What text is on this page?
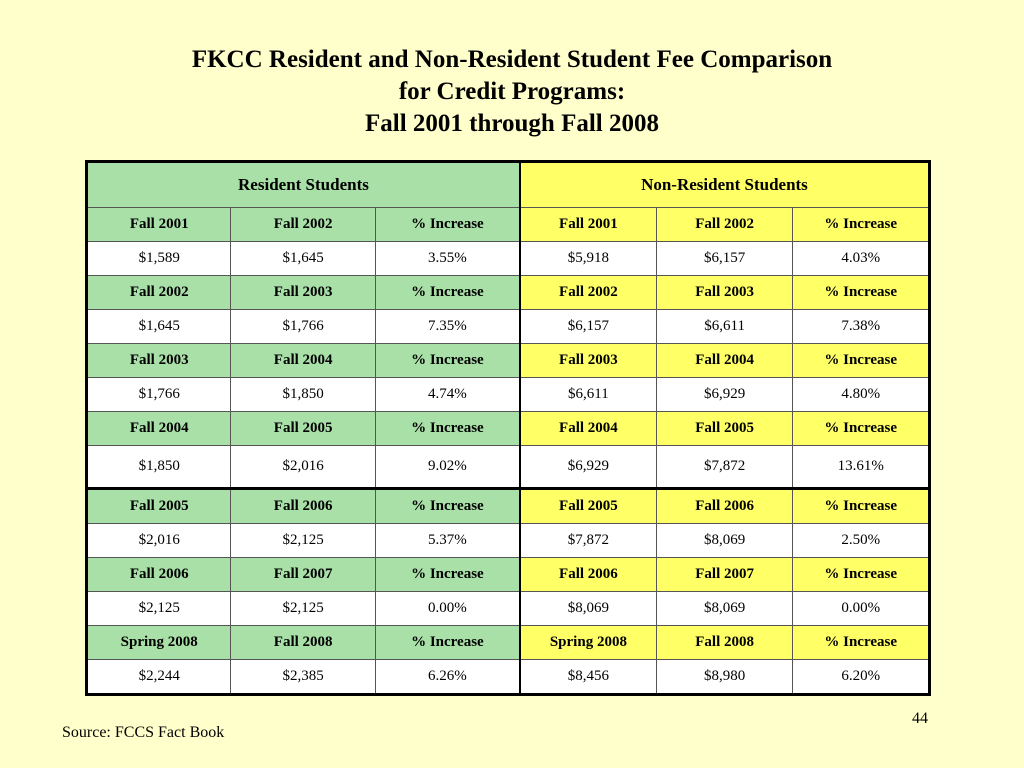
FKCC Resident and Non-Resident Student Fee Comparison
for Credit Programs:
Fall 2001 through Fall 2008
Resident Students			Non-Resident Students		
Fall 2001	Fall 2002	% Increase	Fall 2001	Fall 2002	% Increase
$1,589	$1,645	3.55%	$5,918	$6,157	4.03%
Fall 2002	Fall 2003	% Increase	Fall 2002	Fall 2003	% Increase
$1,645	$1,766	7.35%	$6,157	$6,611	7.38%
Fall 2003	Fall 2004	% Increase	Fall 2003	Fall 2004	% Increase
$1,766	$1,850	4.74%	$6,611	$6,929	4.80%
Fall 2004	Fall 2005	% Increase	Fall 2004	Fall 2005	% Increase
$1,850	$2,016	9.02%	$6,929	$7,872	13.61%
Fall 2005	Fall 2006	% Increase	Fall 2005	Fall 2006	% Increase
$2,016	$2,125	5.37%	$7,872	$8,069	2.50%
Fall 2006	Fall 2007	% Increase	Fall 2006	Fall 2007	% Increase
$2,125	$2,125	0.00%	$8,069	$8,069	0.00%
Spring 2008	Fall 2008	% Increase	Spring 2008	Fall 2008	% Increase
$2,244	$2,385	6.26%	$8,456	$8,980	6.20%
44
Source: FCCS Fact Book
